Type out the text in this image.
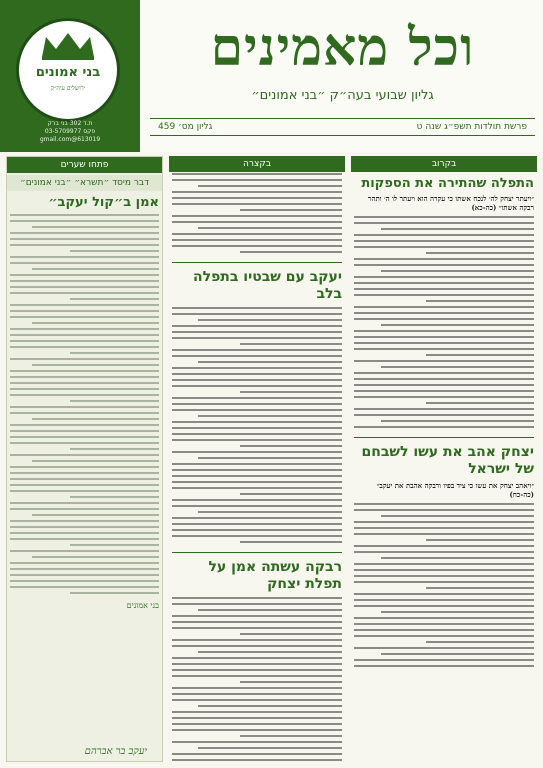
בני אמונים
ירושלים עיה״ק
ת.ד 302 בני ברק
פקס 03-5709977
613019@gmail.com
וכל מאמינים
גליון שבועי בעה״ק ״בני אמונים״
פרשת תולדות תשפ״ג שנה ט
גליון מס׳ 459
בקרוב
התפלה שהתירה את הספקות
״ויעתר יצחק לה׳ לנכח אשתו כי עקרה הוא ויעתר לו ה׳ ותהר רבקה אשתו״ (כה-כא)
יצחק אהב את עשו לשבחם של ישראל
״ויאהב יצחק את עשו כי ציד בפיו ורבקה אהבת את יעקב״ (כה-כח)
בקצרה
יעקב עם שבטיו בתפלה בלב
רבקה עשתה אמן על תפלת יצחק
פתחו שערים
דבר מיסד ״תשרא״ ״בני אמונים״
אמן ב״קול יעקב״
בני אמונים
יעקב בר אברהם
